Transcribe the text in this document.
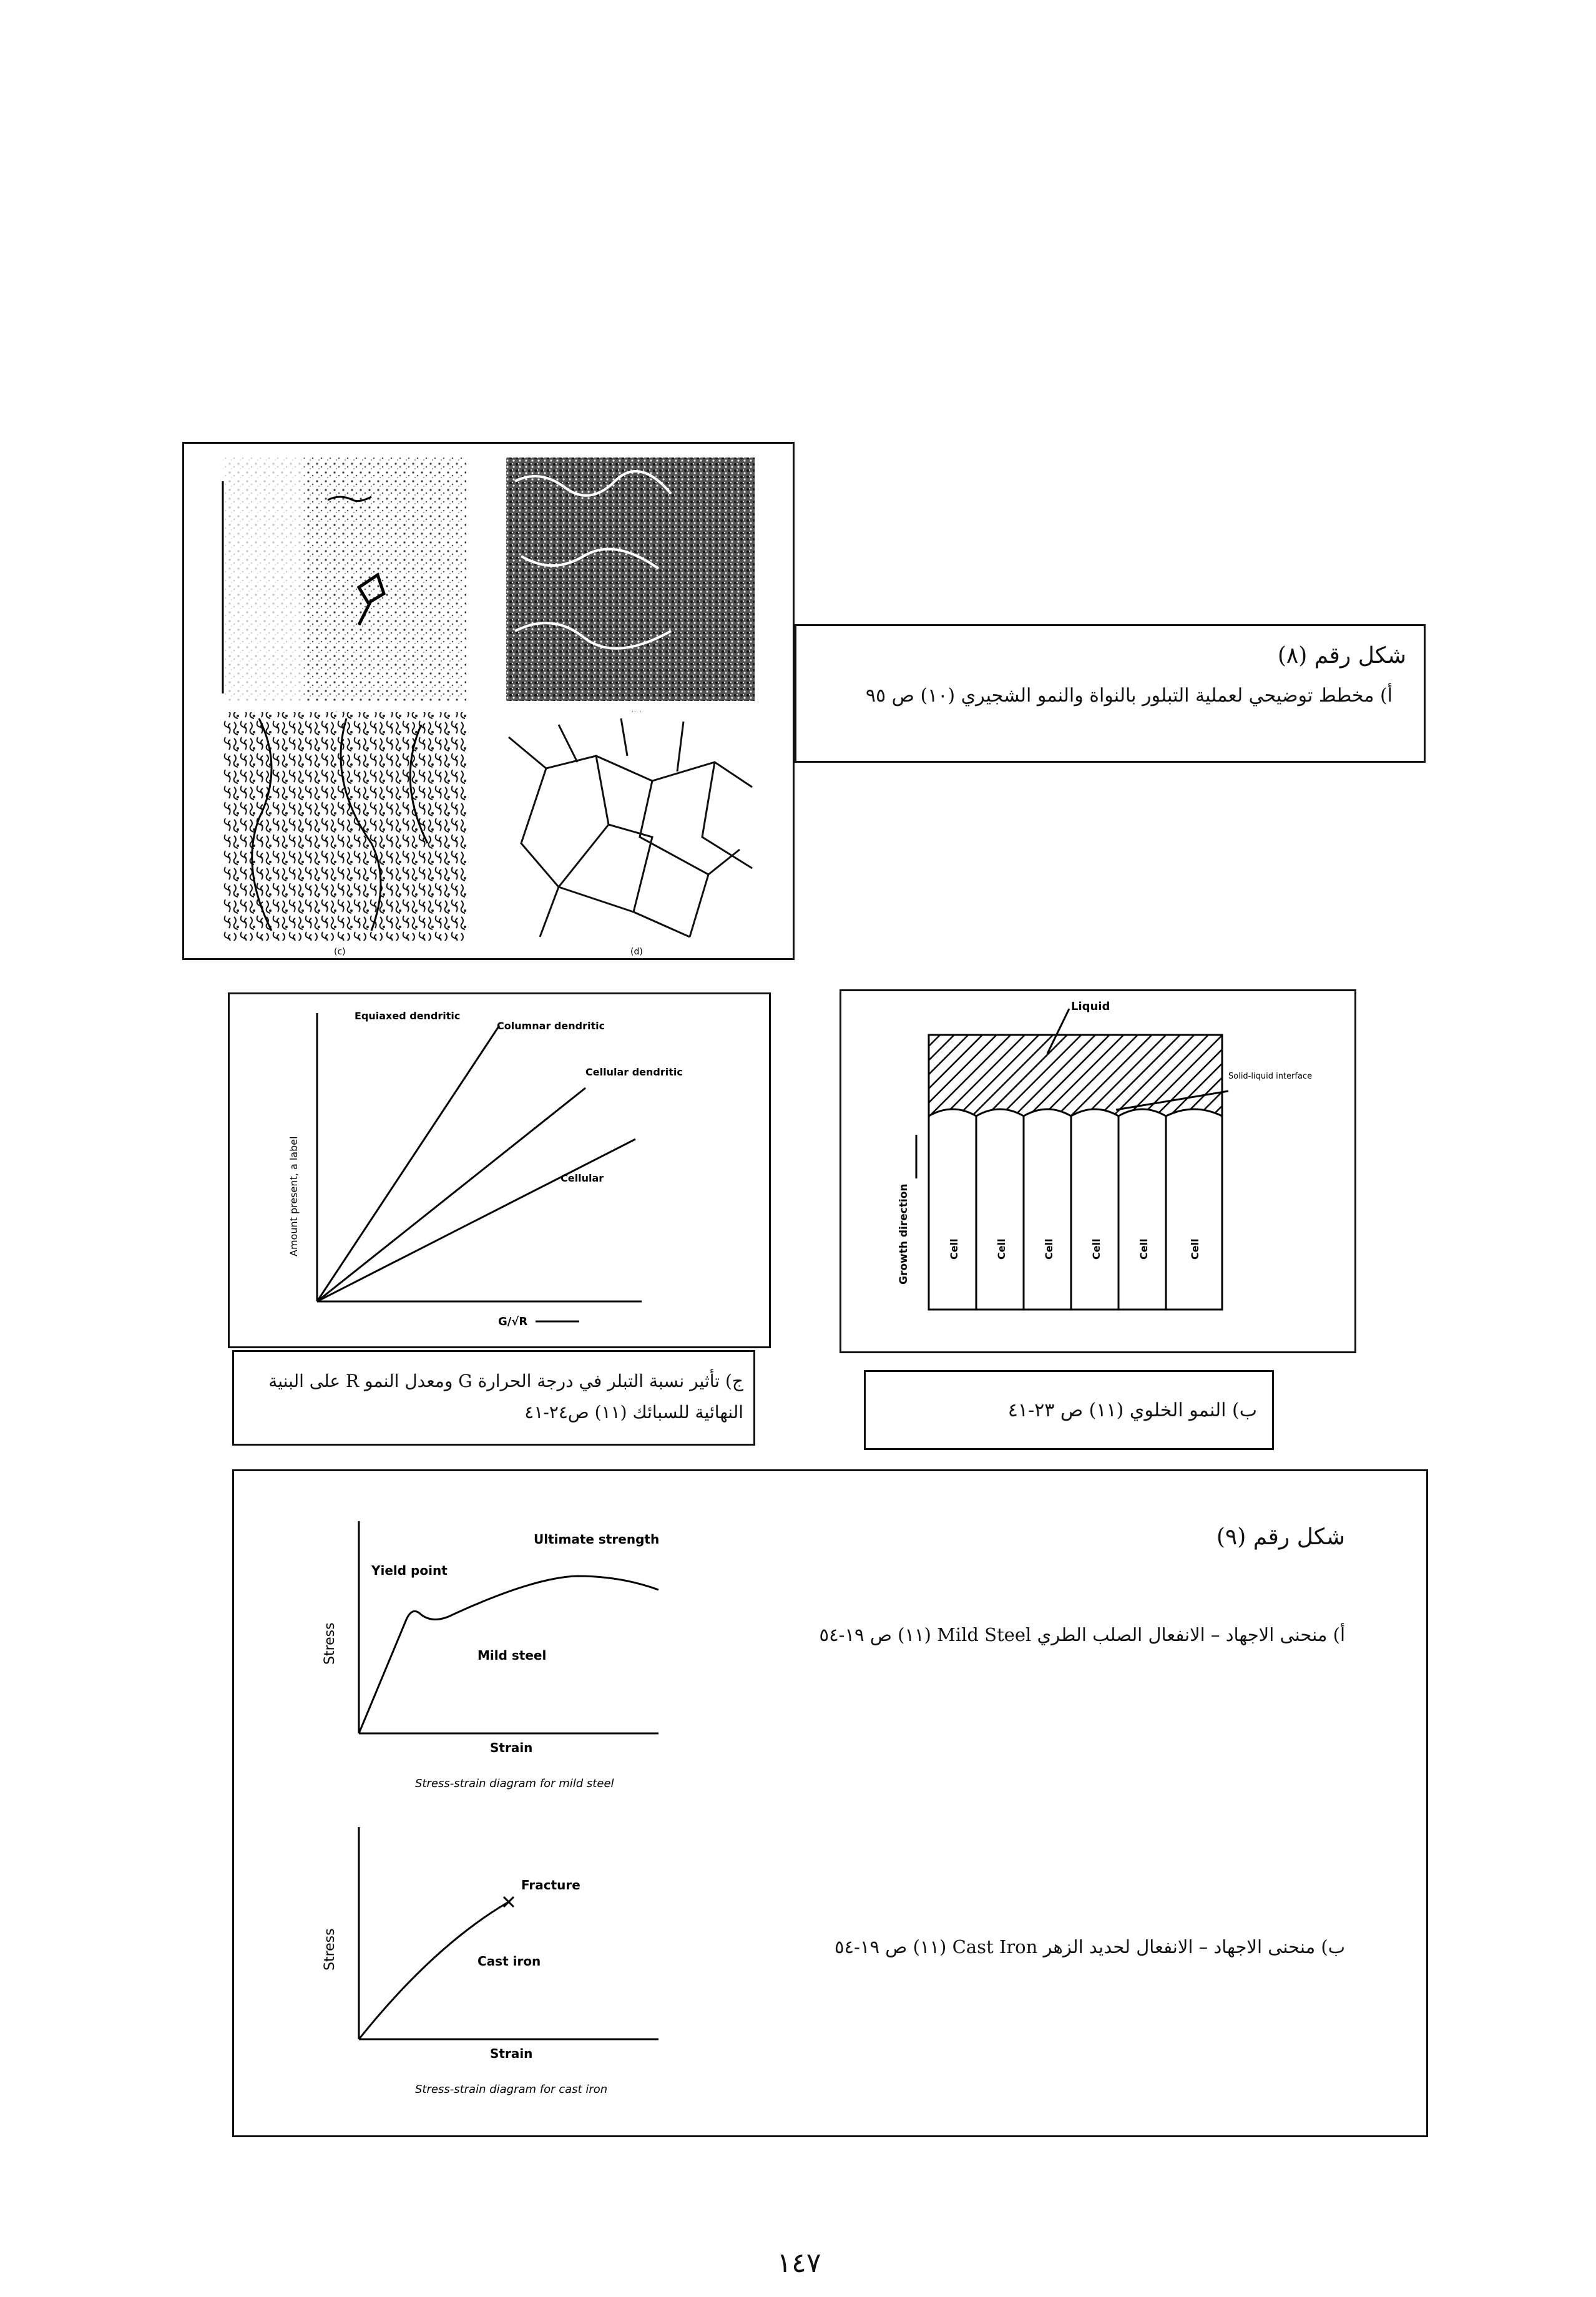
(c)	(d)
شكل رقم (٨)
أ) مخطط توضيحي لعملية التبلور بالنواة والنمو الشجيري (١٠) ص ٩٥
Equiaxed dendritic
Columnar dendritic
Cellular dendritic
Cellular
Amount present, a label
G/√R
ج) تأثير نسبة التبلر في درجة الحرارة G ومعدل النمو R على البنية النهائية للسبائك (١١) ص٢٤-٤١
Cell	Cell	Cell	Cell	Cell	Cell
Liquid
Solid-liquid interface
Growth direction
ب) النمو الخلوي (١١) ص ٢٣-٤١
Yield point
Ultimate strength
Mild steel
Strain
Stress
Stress-strain diagram for mild steel
Fracture
Cast iron
Strain
Stress
Stress-strain diagram for cast iron
شكل رقم (٩)
أ) منحنى الاجهاد – الانفعال الصلب الطري Mild Steel (١١) ص ١٩-٥٤
ب) منحنى الاجهاد – الانفعال لحديد الزهر Cast Iron (١١) ص ١٩-٥٤
١٤٧
